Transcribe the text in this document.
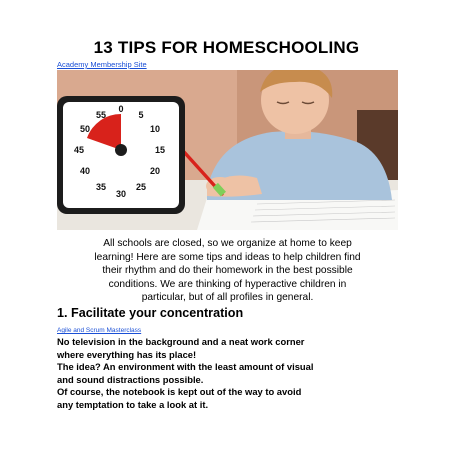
13 TIPS FOR HOMESCHOOLING
Academy Membership Site
0
5
10
15
20
25
30
35
40
45
50
55

All schools are closed, so we organize at home to keep
learning! Here are some tips and ideas to help children find
their rhythm and do their homework in the best possible
conditions. We are thinking of hyperactive children in
particular, but of all profiles in general.

1. Facilitate your concentration
Agile and Scrum Masterclass

No television in the background and a neat work corner
where everything has its place!
The idea? An environment with the least amount of visual
and sound distractions possible.
Of course, the notebook is kept out of the way to avoid
any temptation to take a look at it.
